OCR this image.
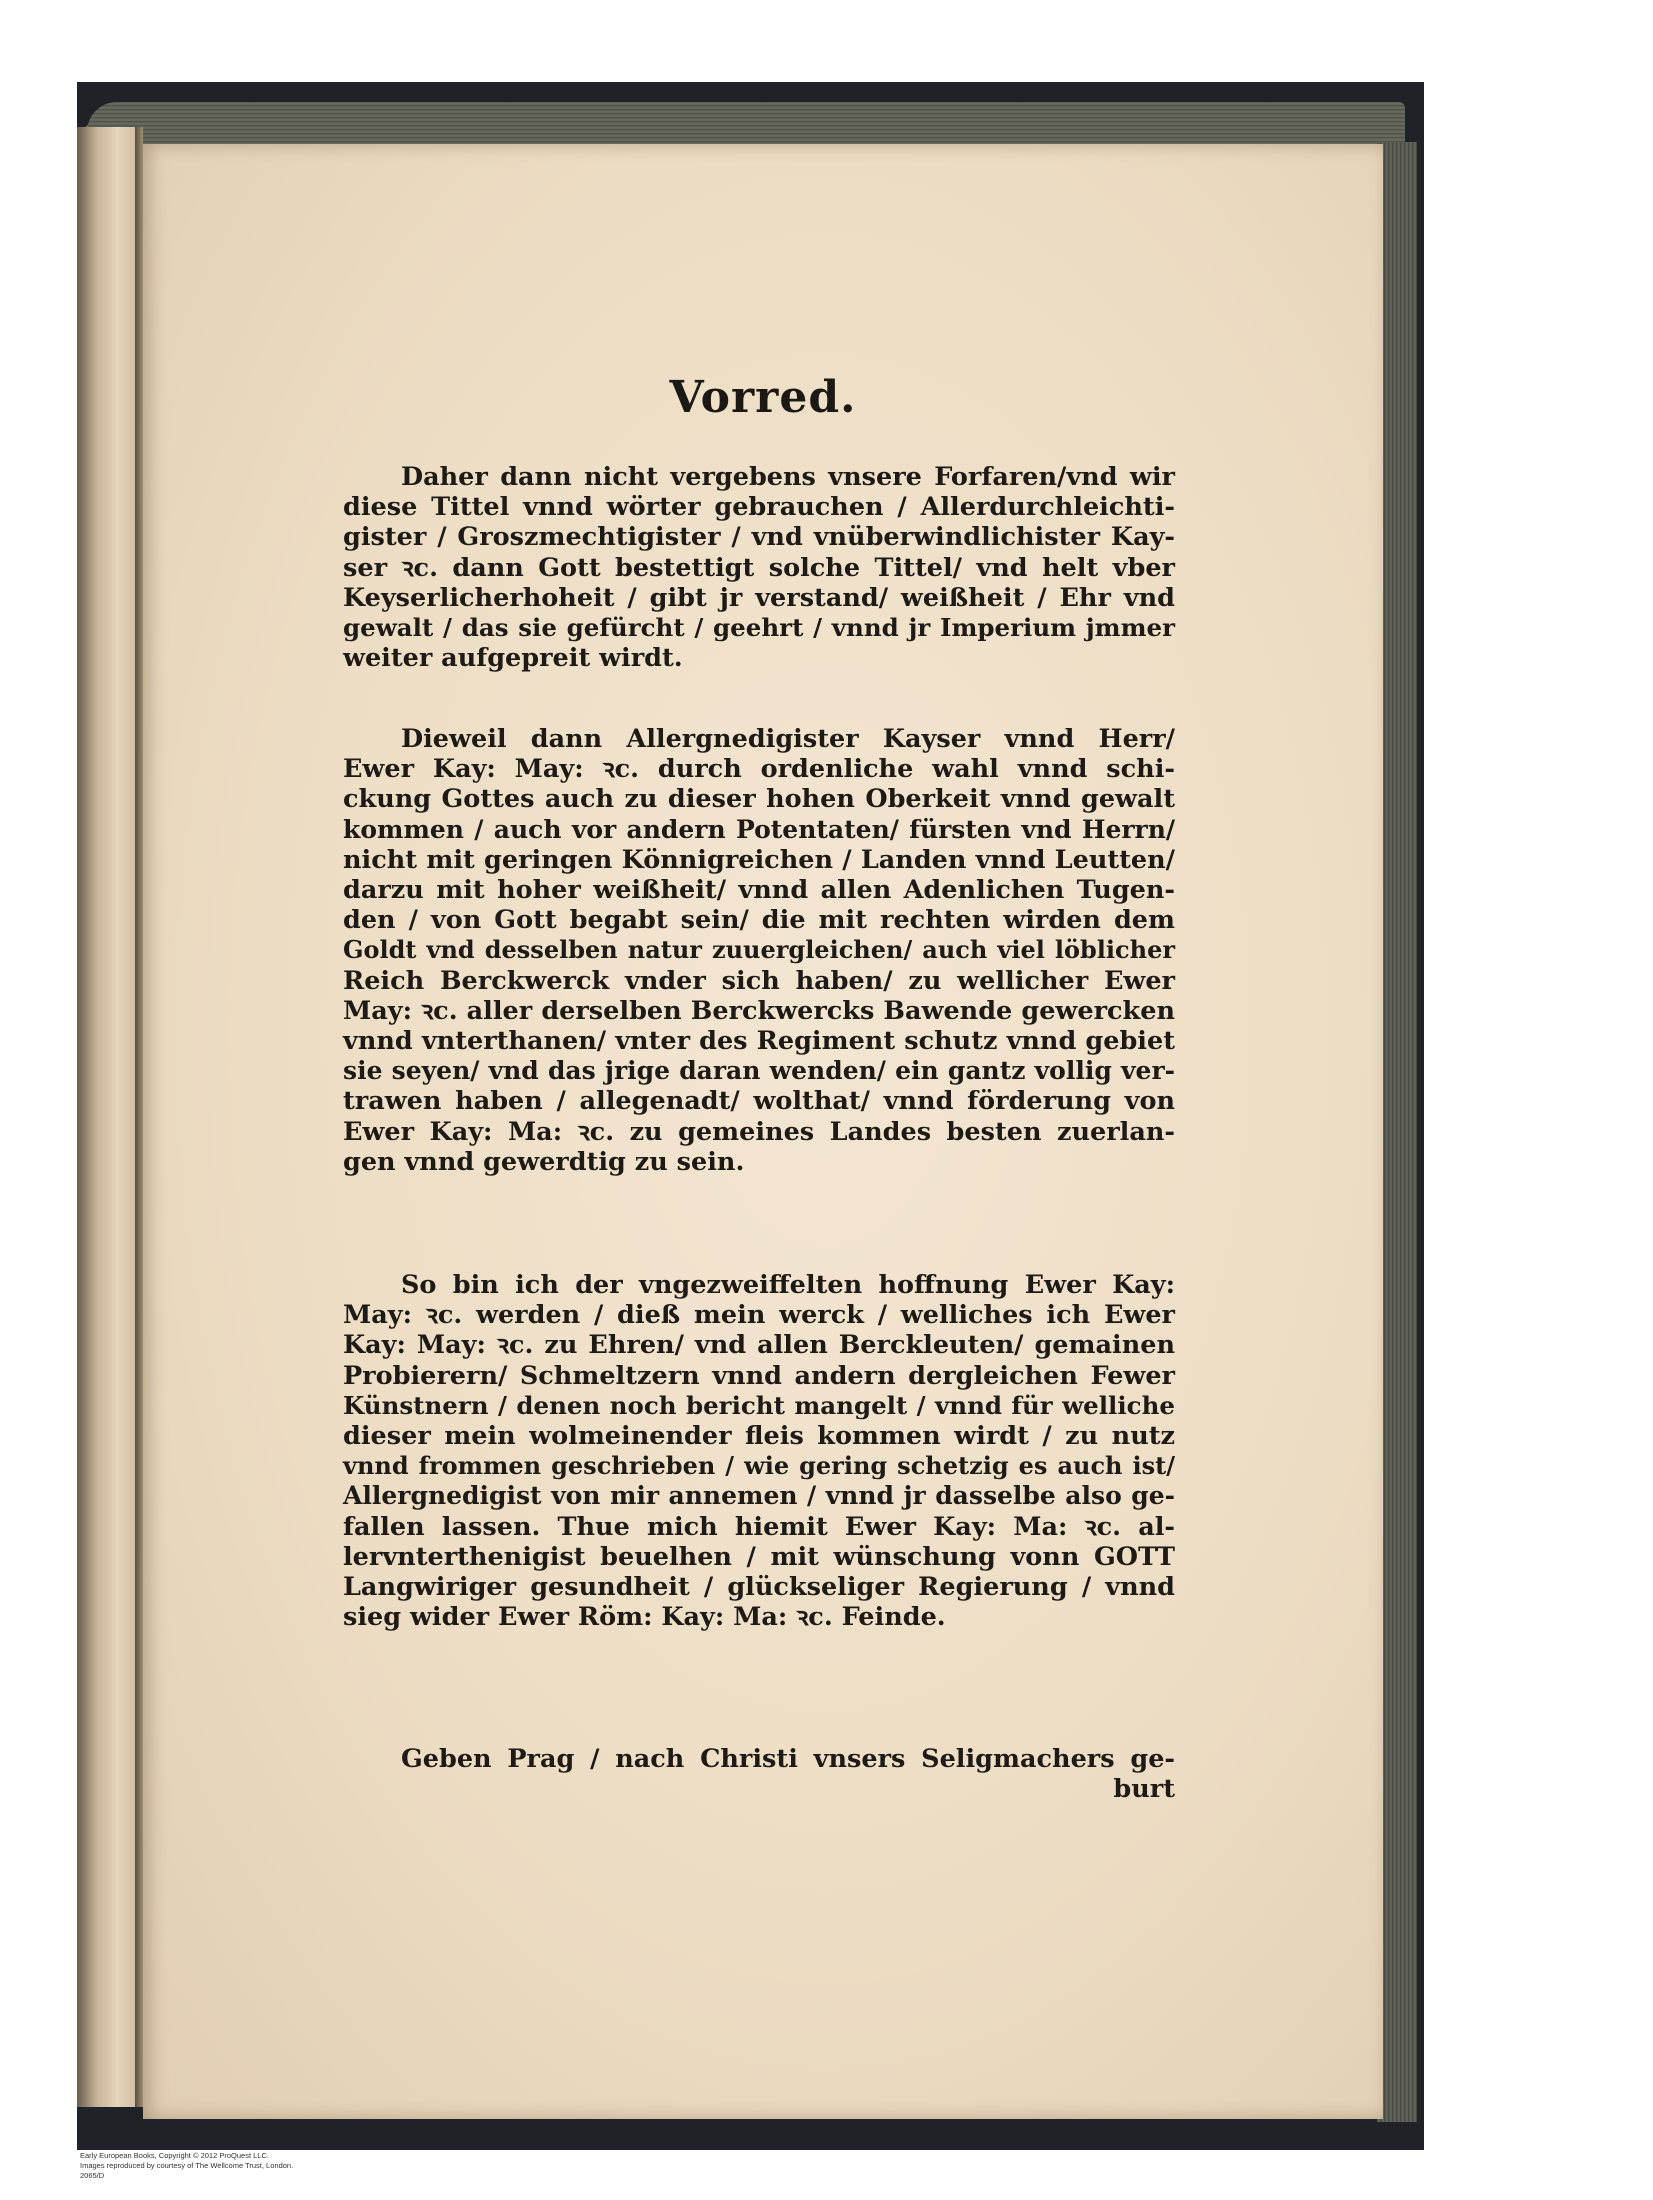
Vorred.

Daher dann nicht vergebens vnsere Forfaren/vnd wir
diese Tittel vnnd wörter gebrauchen / Allerdurchleichti-
gister / Groszmechtigister / vnd vnüberwindlichister Kay-
ser ꝛc. dann Gott bestettigt solche Tittel/ vnd helt vber
Keyserlicherhoheit / gibt jr verstand/ weißheit / Ehr vnd
gewalt / das sie gefürcht / geehrt / vnnd jr Imperium jmmer
weiter aufgepreit wirdt.

Dieweil dann Allergnedigister Kayser vnnd Herr/
Ewer Kay: May: ꝛc. durch ordenliche wahl vnnd schi-
ckung Gottes auch zu dieser hohen Oberkeit vnnd gewalt
kommen / auch vor andern Potentaten/ fürsten vnd Herrn/
nicht mit geringen Könnigreichen / Landen vnnd Leutten/
darzu mit hoher weißheit/ vnnd allen Adenlichen Tugen-
den / von Gott begabt sein/ die mit rechten wirden dem
Goldt vnd desselben natur zuuergleichen/ auch viel löblicher
Reich Berckwerck vnder sich haben/ zu wellicher Ewer
May: ꝛc. aller derselben Berckwercks Bawende gewercken
vnnd vnterthanen/ vnter des Regiment schutz vnnd gebiet
sie seyen/ vnd das jrige daran wenden/ ein gantz vollig ver-
trawen haben / allegenadt/ wolthat/ vnnd förderung von
Ewer Kay: Ma: ꝛc. zu gemeines Landes besten zuerlan-
gen vnnd gewerdtig zu sein.

So bin ich der vngezweiffelten hoffnung Ewer Kay:
May: ꝛc. werden / dieß mein werck / welliches ich Ewer
Kay: May: ꝛc. zu Ehren/ vnd allen Berckleuten/ gemainen
Probierern/ Schmeltzern vnnd andern dergleichen Fewer
Künstnern / denen noch bericht mangelt / vnnd für welliche
dieser mein wolmeinender fleis kommen wirdt / zu nutz
vnnd frommen geschrieben / wie gering schetzig es auch ist/
Allergnedigist von mir annemen / vnnd jr dasselbe also ge-
fallen lassen. Thue mich hiemit Ewer Kay: Ma: ꝛc. al-
lervnterthenigist beuelhen / mit wünschung vonn GOTT
Langwiriger gesundheit / glückseliger Regierung / vnnd
sieg wider Ewer Röm: Kay: Ma: ꝛc. Feinde.

Geben Prag / nach Christi vnsers Seligmachers ge-
burt

Early European Books, Copyright © 2012 ProQuest LLC.
Images reproduced by courtesy of The Wellcome Trust, London.
2065/D
